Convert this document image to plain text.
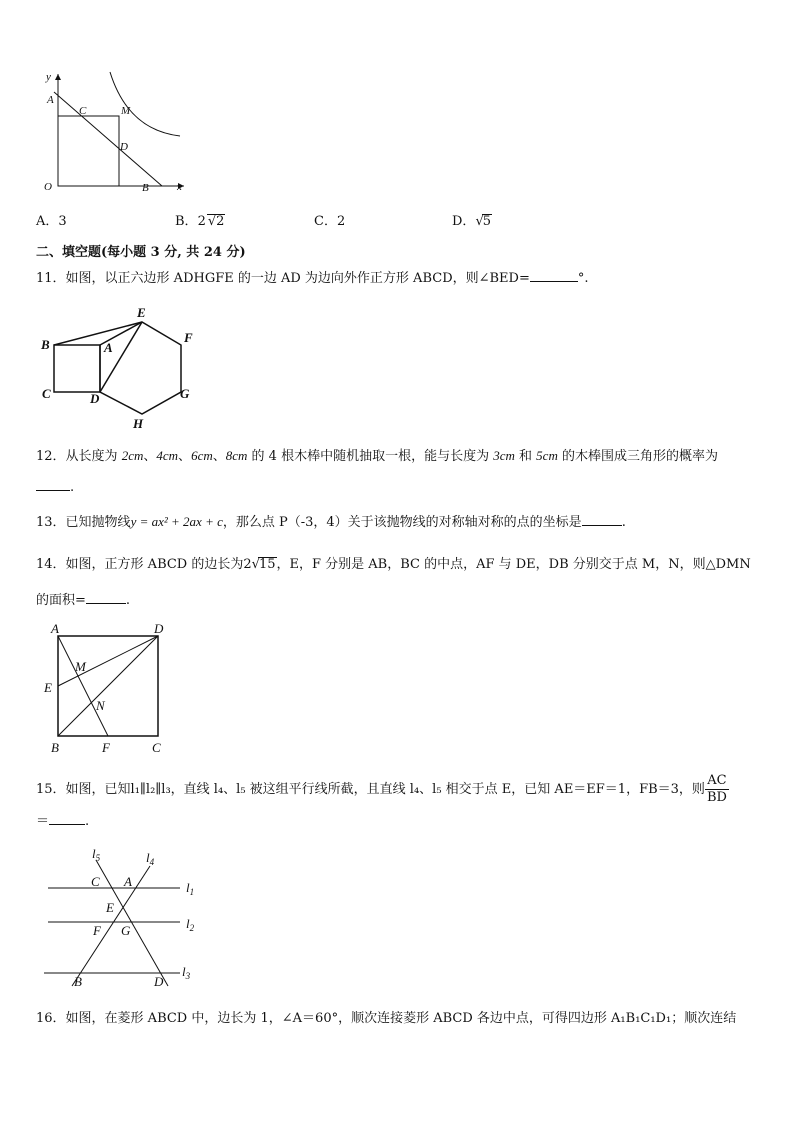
y
A
C	M
D
O	B	x
A．3	B．2 √2	C．2	D．√5
二、填空题(每小题 3 分, 共 24 分)
11．如图，以正六边形 ADHGFE 的一边 AD 为边向外作正方形 ABCD，则∠BED=	°.
E
F
B	A
C	D	G
H
12．从长度为 2cm、4cm、6cm、8cm 的 4 根木棒中随机抽取一根，能与长度为 3cm 和 5cm 的木棒围成三角形的概率为
.
13．已知抛物线y = ax² + 2ax + c，那么点 P（-3，4）关于该抛物线的对称轴对称的点的坐标是	.
14．如图，正方形 ABCD 的边长为2√15，E，F 分别是 AB，BC 的中点，AF 与 DE，DB 分别交于点 M，N，则△DMN
的面积=	.
A	D
M
E
N
B	F	C
15．如图，已知l₁∥l₂∥l₃，直线 l₄、l₅ 被这组平行线所截，且直线 l₄、l₅ 相交于点 E，已知 AE＝EF＝1，FB＝3，则 $\frac{AC}{BD}$
＝	.
$l_5$	$l_4$
C A	$l_1$
E
$l_2$
F G
B	D
$l_3$
16．如图，在菱形 ABCD 中，边长为 1，∠A＝60°，顺次连接菱形 ABCD 各边中点，可得四边形 A₁B₁C₁D₁；顺次连结
